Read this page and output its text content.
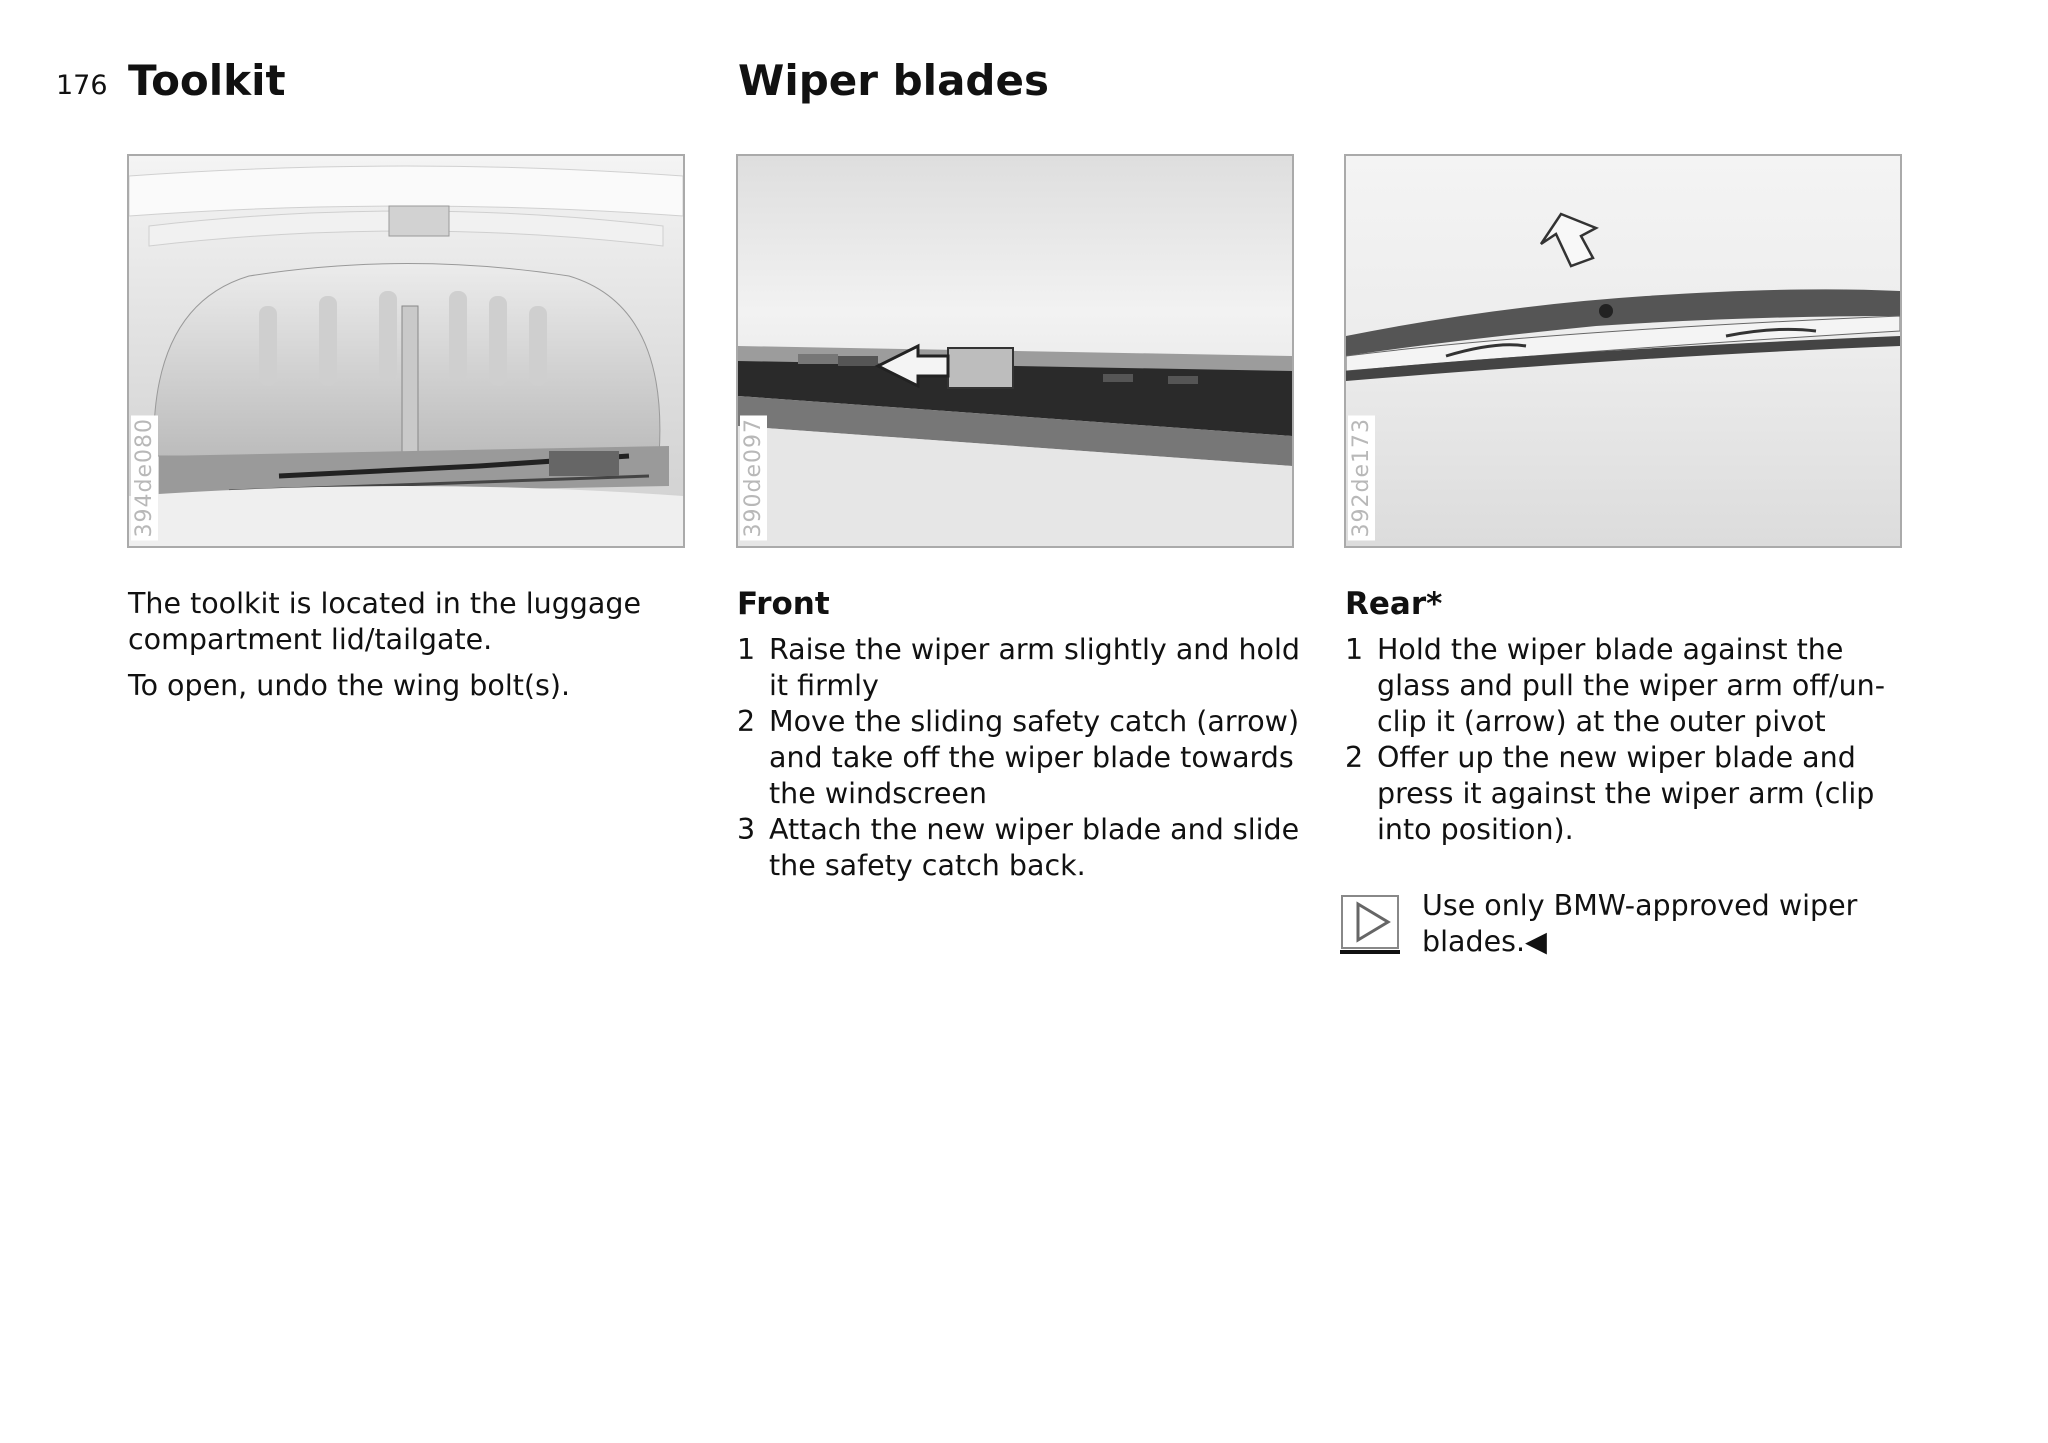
176 Toolkit
394de080

The toolkit is located in the luggage compartment lid/tailgate.

To open, undo the wing bolt(s).

Wiper blades
390de097	392de173
Front
1 Raise the wiper arm slightly and hold it firmly
2 Move the sliding safety catch (arrow) and take off the wiper blade towards the windscreen
3 Attach the new wiper blade and slide the safety catch back.
Rear*
1 Hold the wiper blade against the glass and pull the wiper arm off/un-clip it (arrow) at the outer pivot
2 Offer up the new wiper blade and press it against the wiper arm (clip into position).
Use only BMW-approved wiper blades.◀
